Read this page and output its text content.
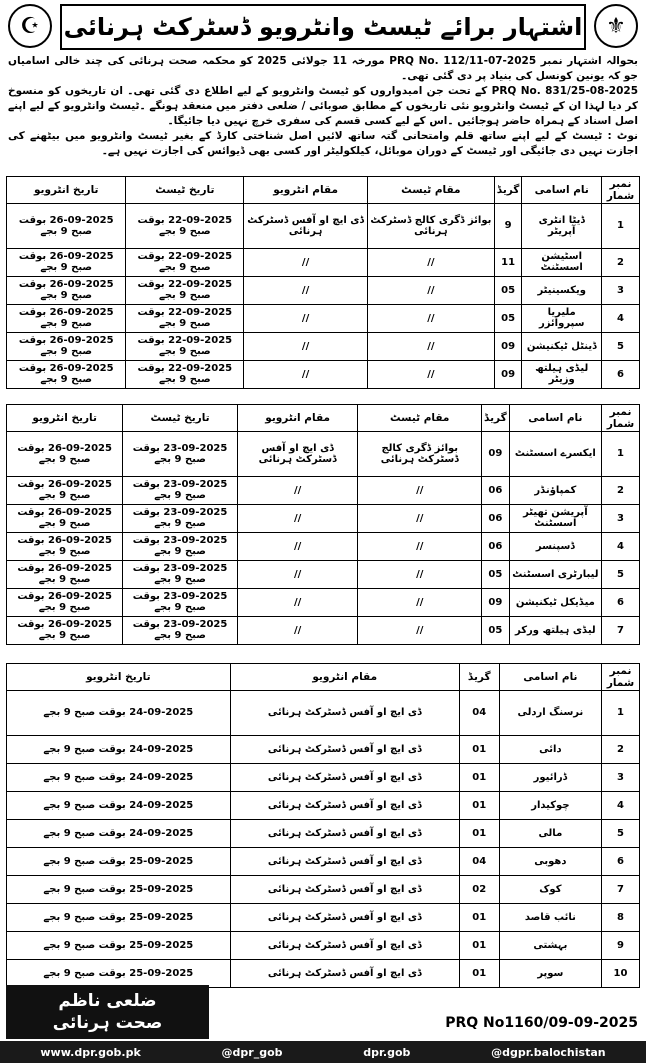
☪ اشتہار برائے ٹیسٹ وانٹرویو ڈسٹرکٹ ہرنائی	⚜

بحوالہ اشتہار نمبر PRQ No. 112/11-07-2025 مورخہ 11 جولائی 2025 کو محکمہ صحت ہرنائی کی چند خالی اسامیاں جو کہ یونین کونسل کی بنیاد پر دی گئی تھی۔

PRQ No. 831/25-08-2025 کے تحت جن امیدواروں کو ٹیسٹ وانٹرویو کے لیے اطلاع دی گئی تھی۔ ان تاریخوں کو منسوخ کر دیا لہذا ان کے ٹیسٹ وانٹرویو نئی تاریخوں کے مطابق صوبائی / ضلعی دفتر میں منعقد ہونگے ۔ٹیسٹ وانٹرویو کے لیے اپنے اصل اسناد کے ہمراہ حاضر ہوجائیں ۔اس کے لیے کسی قسم کی سفری خرچ نہیں دیا جائیگا۔

نوٹ : ٹیسٹ کے لیے اپنے ساتھ قلم وامتحانی گتہ ساتھ لائیں اصل شناختی کارڈ کے بغیر ٹیسٹ وانٹرویو میں بیٹھنے کی اجازت نہیں دی جائیگی اور ٹیسٹ کے دوران موبائل، کیلکولیٹر اور کسی بھی ڈیوائس کی اجازت نہیں ہے۔

نمبر شمار	نام اسامی	گریڈ	مقام ٹیسٹ	مقام انٹرویو	تاریخ ٹیسٹ	تاریخ انٹرویو
1	ڈیٹا انٹری آپریٹر	9	بوائز ڈگری کالج ڈسٹرکٹ ہرنائی	ڈی ایچ او آفس ڈسٹرکٹ ہرنائی	22-09-2025 بوقت صبح 9 بجے	26-09-2025 بوقت صبح 9 بجے
2	اسٹیشن اسسٹنٹ	11	//	//	22-09-2025 بوقت صبح 9 بجے	26-09-2025 بوقت صبح 9 بجے
3	ویکسینیٹر	05	//	//	22-09-2025 بوقت صبح 9 بجے	26-09-2025 بوقت صبح 9 بجے
4	ملیریا سپروائزر	05	//	//	22-09-2025 بوقت صبح 9 بجے	26-09-2025 بوقت صبح 9 بجے
5	ڈینٹل ٹیکنیشن	09	//	//	22-09-2025 بوقت صبح 9 بجے	26-09-2025 بوقت صبح 9 بجے
6	لیڈی ہیلتھ وزیٹر	09	//	//	22-09-2025 بوقت صبح 9 بجے	26-09-2025 بوقت صبح 9 بجے
نمبر شمار	نام اسامی	گریڈ	مقام ٹیسٹ	مقام انٹرویو	تاریخ ٹیسٹ	تاریخ انٹرویو
1	ایکسرے اسسٹنٹ	09	بوائز ڈگری کالج ڈسٹرکٹ ہرنائی	ڈی ایچ او آفس ڈسٹرکٹ ہرنائی	23-09-2025 بوقت صبح 9 بجے	26-09-2025 بوقت صبح 9 بجے
2	کمپاؤنڈر	06	//	//	23-09-2025 بوقت صبح 9 بجے	26-09-2025 بوقت صبح 9 بجے
3	آپریشن تھیٹر اسسٹنٹ	06	//	//	23-09-2025 بوقت صبح 9 بجے	26-09-2025 بوقت صبح 9 بجے
4	ڈسپنسر	06	//	//	23-09-2025 بوقت صبح 9 بجے	26-09-2025 بوقت صبح 9 بجے
5	لیبارٹری اسسٹنٹ	05	//	//	23-09-2025 بوقت صبح 9 بجے	26-09-2025 بوقت صبح 9 بجے
6	میڈیکل ٹیکنیشن	09	//	//	23-09-2025 بوقت صبح 9 بجے	26-09-2025 بوقت صبح 9 بجے
7	لیڈی ہیلتھ ورکر	05	//	//	23-09-2025 بوقت صبح 9 بجے	26-09-2025 بوقت صبح 9 بجے
نمبر شمار	نام اسامی	گریڈ	مقام انٹرویو	تاریخ انٹرویو
1	نرسنگ اردلی	04	ڈی ایچ او آفس ڈسٹرکٹ ہرنائی	24-09-2025 بوقت صبح 9 بجے
2	دائی	01	ڈی ایچ او آفس ڈسٹرکٹ ہرنائی	24-09-2025 بوقت صبح 9 بجے
3	ڈرائیور	01	ڈی ایچ او آفس ڈسٹرکٹ ہرنائی	24-09-2025 بوقت صبح 9 بجے
4	چوکیدار	01	ڈی ایچ او آفس ڈسٹرکٹ ہرنائی	24-09-2025 بوقت صبح 9 بجے
5	مالی	01	ڈی ایچ او آفس ڈسٹرکٹ ہرنائی	24-09-2025 بوقت صبح 9 بجے
6	دھوبی	04	ڈی ایچ او آفس ڈسٹرکٹ ہرنائی	25-09-2025 بوقت صبح 9 بجے
7	کوک	02	ڈی ایچ او آفس ڈسٹرکٹ ہرنائی	25-09-2025 بوقت صبح 9 بجے
8	نائب قاصد	01	ڈی ایچ او آفس ڈسٹرکٹ ہرنائی	25-09-2025 بوقت صبح 9 بجے
9	بہشتی	01	ڈی ایچ او آفس ڈسٹرکٹ ہرنائی	25-09-2025 بوقت صبح 9 بجے
10	سوپر	01	ڈی ایچ او آفس ڈسٹرکٹ ہرنائی	25-09-2025 بوقت صبح 9 بجے
ضلعی ناظم
صحت ہرنائی	PRQ No1160/09-09-2025
www.dpr.gob.pk	@dpr_gob	dpr.gob	@dgpr.balochistan
